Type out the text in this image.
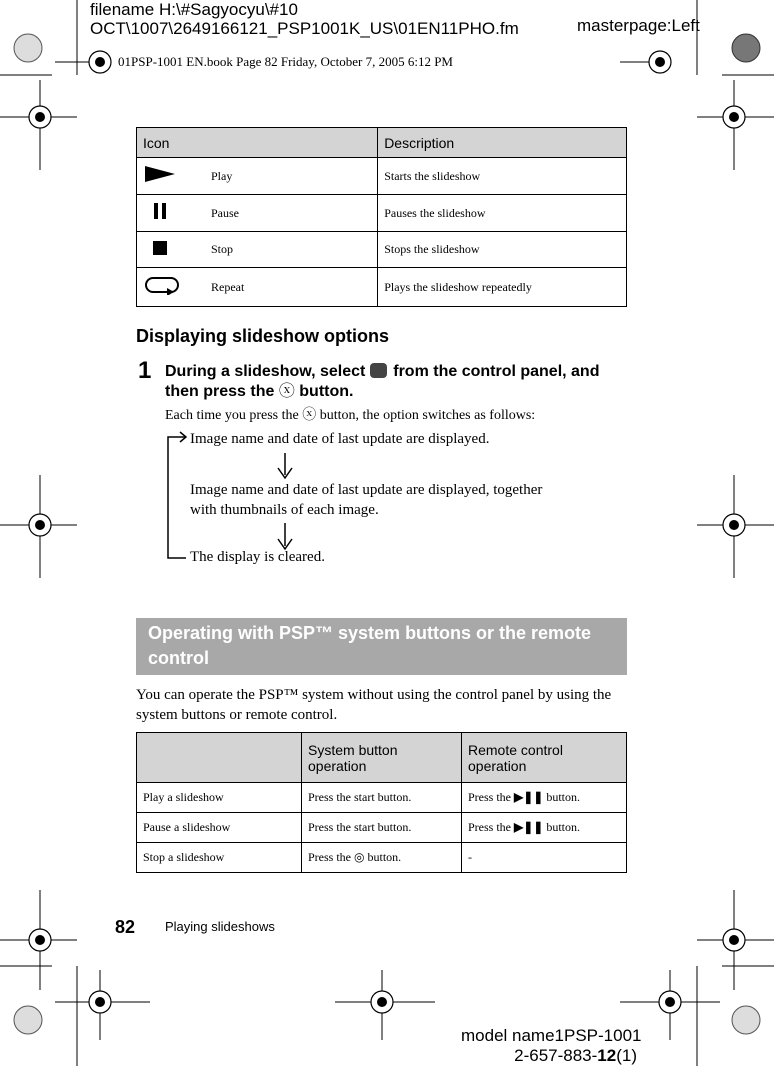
filename H:\#Sagyocyu\#10
OCT\1007\2649166121_PSP1001K_US\01EN11PHO.fm	masterpage:Left
01PSP-1001 EN.book Page 82 Friday, October 7, 2005 6:12 PM
Icon		Description
	Play	Starts the slideshow
	Pause	Pauses the slideshow
	Stop	Stops the slideshow
	Repeat	Plays the slideshow repeatedly
Displaying slideshow options
1 During a slideshow, select  from the control panel, and
then press the ⓧ button.
Each time you press the ⓧ button, the option switches as follows:
Image name and date of last update are displayed.
Image name and date of last update are displayed, together
with thumbnails of each image.
The display is cleared.
Operating with PSP™ system buttons or the remote
control
You can operate the PSP™ system without using the control panel by using the
system buttons or remote control.
	System button operation	Remote control operation
Play a slideshow	Press the start button.	Press the ▶❚❚ button.
Pause a slideshow	Press the start button.	Press the ▶❚❚ button.
Stop a slideshow	Press the ◎ button.	-
82 Playing slideshows
model name1PSP-1001
2-657-883-12(1)
